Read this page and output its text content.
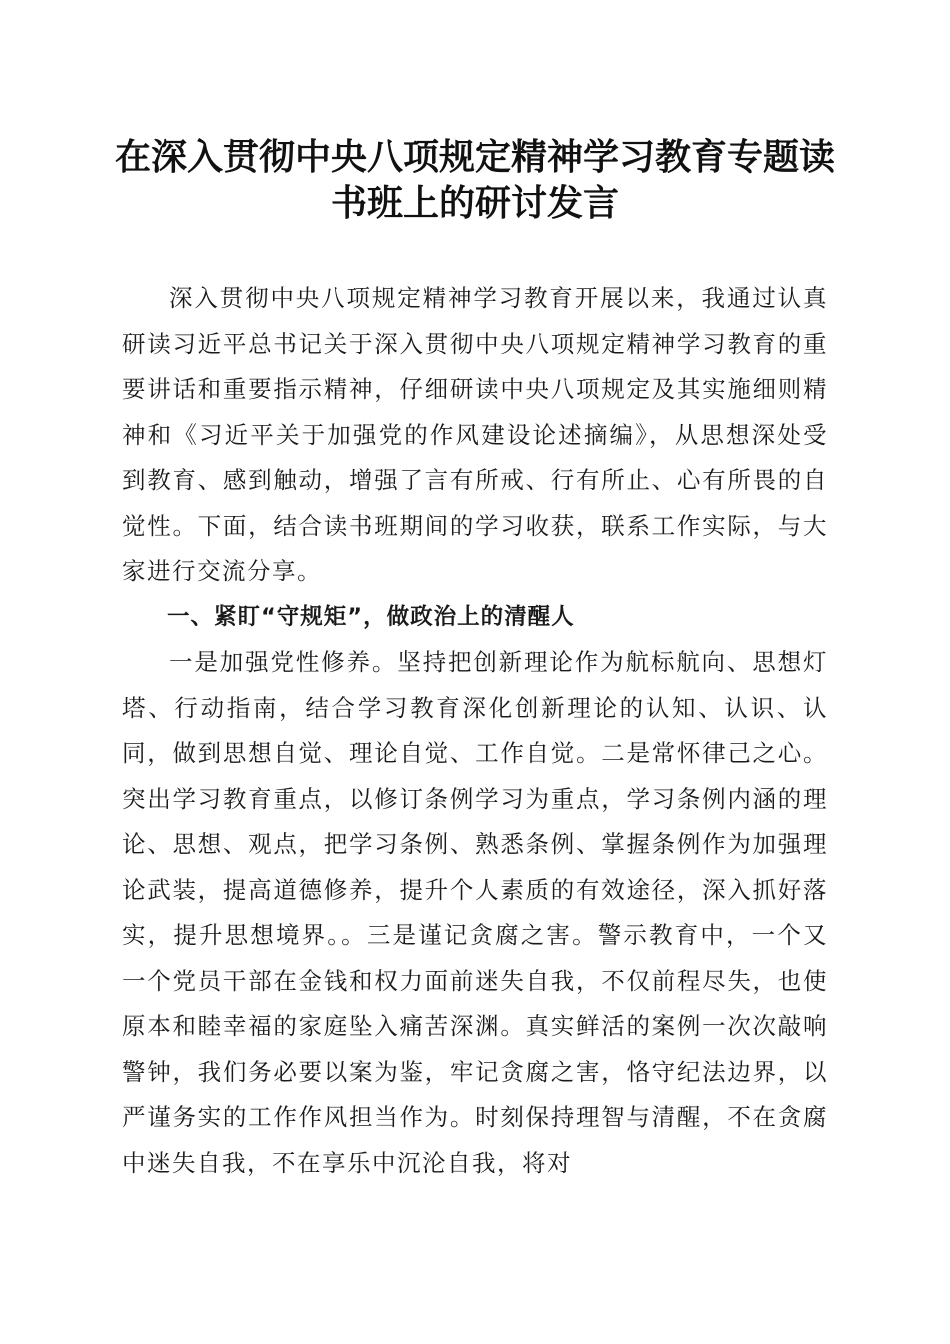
在深入贯彻中央八项规定精神学习教育专题读
书班上的研讨发言

深入贯彻中央八项规定精神学习教育开展以来，我通过认真研读习近平总书记关于深入贯彻中央八项规定精神学习教育的重要讲话和重要指示精神，仔细研读中央八项规定及其实施细则精神和《习近平关于加强党的作风建设论述摘编》，从思想深处受到教育、感到触动，增强了言有所戒、行有所止、心有所畏的自觉性。下面，结合读书班期间的学习收获，联系工作实际，与大家进行交流分享。

一、紧盯“守规矩”，做政治上的清醒人

一是加强党性修养。坚持把创新理论作为航标航向、思想灯塔、行动指南，结合学习教育深化创新理论的认知、认识、认同，做到思想自觉、理论自觉、工作自觉。二是常怀律己之心。突出学习教育重点，以修订条例学习为重点，学习条例内涵的理论、思想、观点，把学习条例、熟悉条例、掌握条例作为加强理论武装，提高道德修养，提升个人素质的有效途径，深入抓好落实，提升思想境界。。三是谨记贪腐之害。警示教育中，一个又一个党员干部在金钱和权力面前迷失自我，不仅前程尽失，也使原本和睦幸福的家庭坠入痛苦深渊。真实鲜活的案例一次次敲响警钟，我们务必要以案为鉴，牢记贪腐之害，恪守纪法边界，以严谨务实的工作作风担当作为。时刻保持理智与清醒，不在贪腐中迷失自我，不在享乐中沉沦自我，将对
